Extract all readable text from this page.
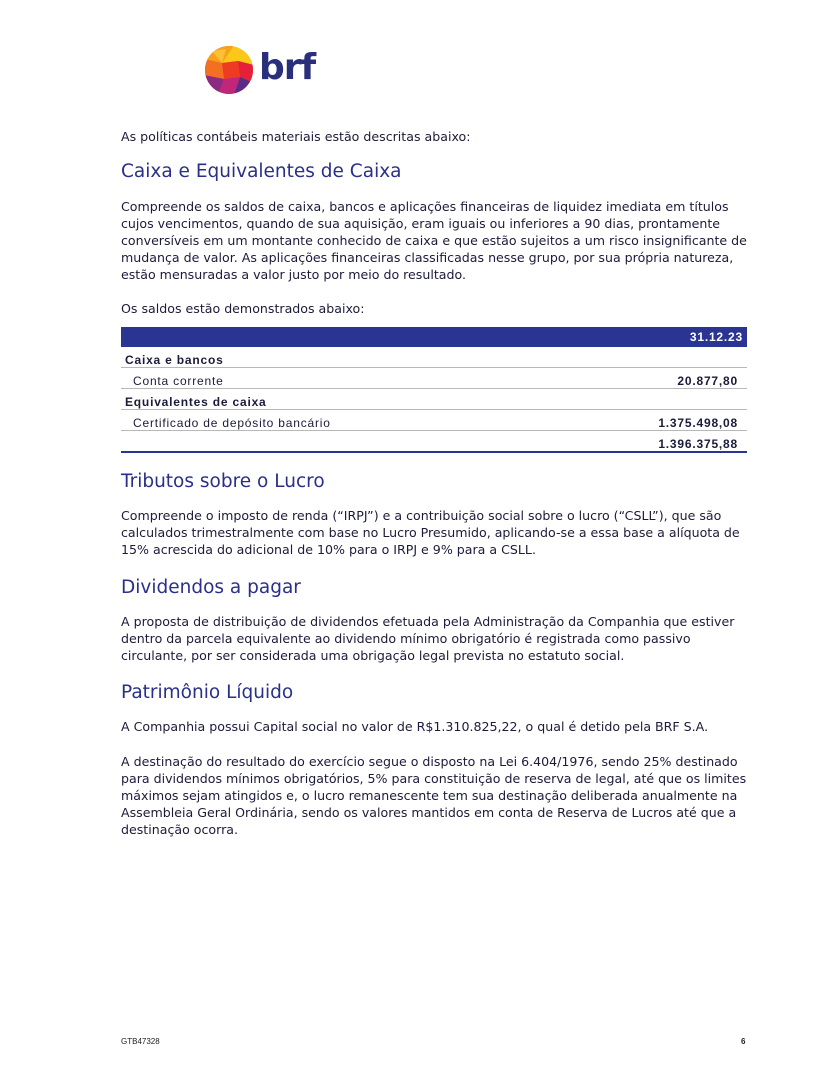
brf

As políticas contábeis materiais estão descritas abaixo:

Caixa e Equivalentes de Caixa

Compreende os saldos de caixa, bancos e aplicações financeiras de liquidez imediata em títulos cujos vencimentos, quando de sua aquisição, eram iguais ou inferiores a 90 dias, prontamente conversíveis em um montante conhecido de caixa e que estão sujeitos a um risco insignificante de mudança de valor. As aplicações financeiras classificadas nesse grupo, por sua própria natureza, estão mensuradas a valor justo por meio do resultado.

Os saldos estão demonstrados abaixo:

31.12.23	
Caixa e bancos	
Conta corrente	20.877,80
Equivalentes de caixa	
Certificado de depósito bancário	1.375.498,08
	1.396.375,88
Tributos sobre o Lucro

Compreende o imposto de renda (“IRPJ”) e a contribuição social sobre o lucro (“CSLL”), que são calculados trimestralmente com base no Lucro Presumido, aplicando-se a essa base a alíquota de 15% acrescida do adicional de 10% para o IRPJ e 9% para a CSLL.

Dividendos a pagar

A proposta de distribuição de dividendos efetuada pela Administração da Companhia que estiver dentro da parcela equivalente ao dividendo mínimo obrigatório é registrada como passivo circulante, por ser considerada uma obrigação legal prevista no estatuto social.

Patrimônio Líquido

A Companhia possui Capital social no valor de R$1.310.825,22, o qual é detido pela BRF S.A.

A destinação do resultado do exercício segue o disposto na Lei 6.404/1976, sendo 25% destinado para dividendos mínimos obrigatórios, 5% para constituição de reserva de legal, até que os limites máximos sejam atingidos e, o lucro remanescente tem sua destinação deliberada anualmente na Assembleia Geral Ordinária, sendo os valores mantidos em conta de Reserva de Lucros até que a destinação ocorra.

GTB47328	6
